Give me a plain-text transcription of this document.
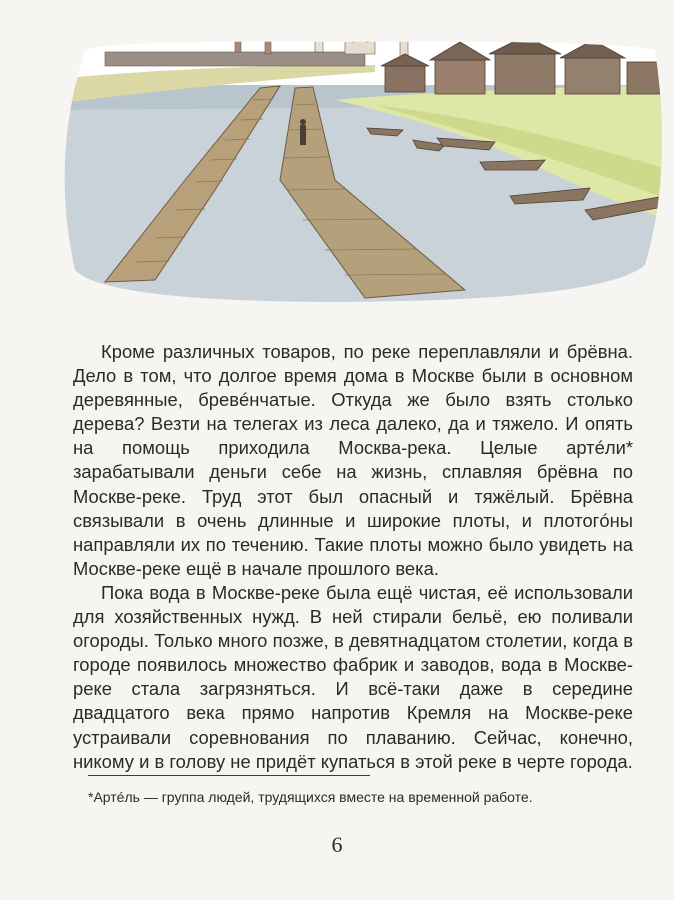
Кроме различных товаров, по реке переплавляли и брёвна. Дело в том, что долгое время дома в Москве были в основном деревянные, бревéнчатые. Откуда же было взять столько дерева? Везти на телегах из леса далеко, да и тяжело. И опять на помощь приходила Москва-река. Целые артéли* зарабатывали деньги себе на жизнь, сплавляя брёвна по Москве-реке. Труд этот был опасный и тяжёлый. Брёвна связывали в очень длинные и широкие плоты, и плотогóны направляли их по течению. Такие плоты можно было увидеть на Москве-реке ещё в начале прошлого века.

Пока вода в Москве-реке была ещё чистая, её использовали для хозяйственных нужд. В ней стирали бельё, ею поливали огороды. Только много позже, в девятнадцатом столетии, когда в городе появилось множество фабрик и заводов, вода в Москве-реке стала загрязняться. И всё-таки даже в середине двадцатого века прямо напротив Кремля на Москве-реке устраивали соревнования по плаванию. Сейчас, конечно, никому и в голову не придёт купаться в этой реке в черте города.

*Артéль — группа людей, трудящихся вместе на временной работе.
6
